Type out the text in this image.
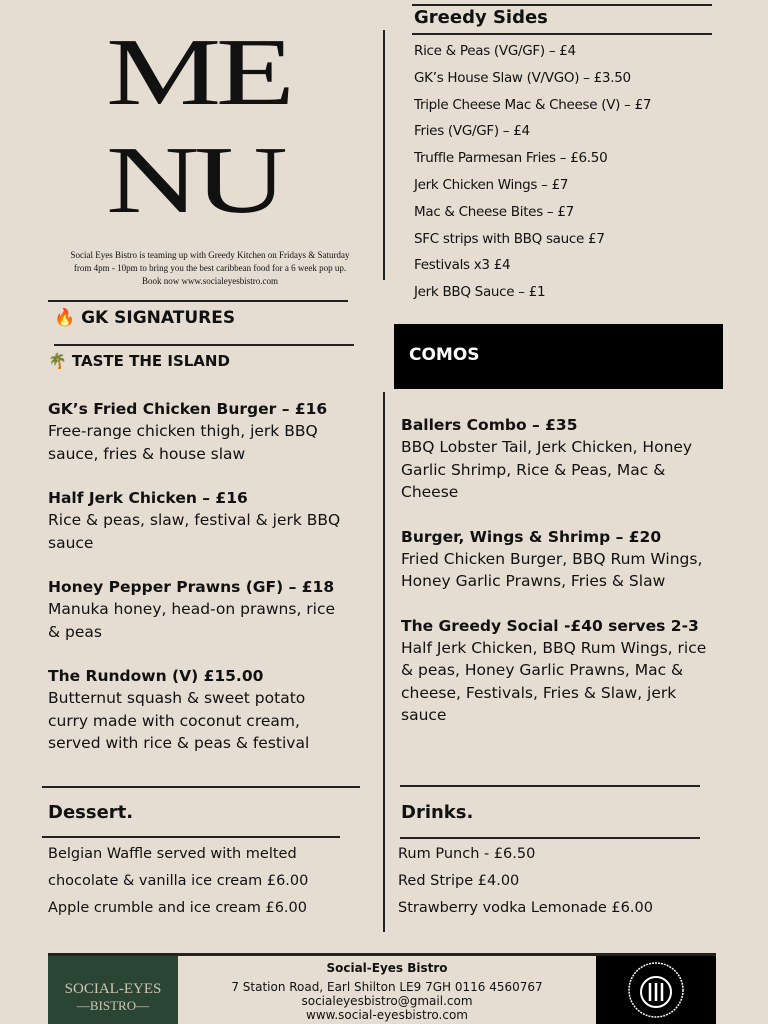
ME
NU
Social Eyes Bistro is teaming up with Greedy Kitchen on Fridays & Saturday
from 4pm - 10pm to bring you the best caribbean food for a 6 week pop up.
Book now www.socialeyesbistro.com
🔥 GK SIGNATURES
🌴 TASTE THE ISLAND
GK’s Fried Chicken Burger – £16
Free-range chicken thigh, jerk BBQ sauce, fries & house slaw
Half Jerk Chicken – £16
Rice & peas, slaw, festival & jerk BBQ sauce
Honey Pepper Prawns (GF) – £18
Manuka honey, head-on prawns, rice & peas
The Rundown (V) £15.00
Butternut squash & sweet potato curry made with coconut cream, served with rice & peas & festival
Dessert.
Belgian Waffle served with melted
chocolate & vanilla ice cream £6.00
Apple crumble and ice cream £6.00
Greedy Sides
Rice & Peas (VG/GF) – £4
GK’s House Slaw (V/VGO) – £3.50
Triple Cheese Mac & Cheese (V) – £7
Fries (VG/GF) – £4
Truffle Parmesan Fries – £6.50
Jerk Chicken Wings – £7
Mac & Cheese Bites – £7
SFC strips with BBQ sauce £7
Festivals x3 £4
Jerk BBQ Sauce – £1
COMOS
Ballers Combo – £35
BBQ Lobster Tail, Jerk Chicken, Honey Garlic Shrimp, Rice & Peas, Mac & Cheese
Burger, Wings & Shrimp – £20
Fried Chicken Burger, BBQ Rum Wings, Honey Garlic Prawns, Fries & Slaw
The Greedy Social -£40 serves 2-3
Half Jerk Chicken, BBQ Rum Wings, rice & peas, Honey Garlic Prawns, Mac & cheese, Festivals, Fries & Slaw, jerk sauce
Drinks.
Rum Punch - £6.50
Red Stripe £4.00
Strawberry vodka Lemonade £6.00
SOCIAL-EYES
—BISTRO—
Social-Eyes Bistro
7 Station Road, Earl Shilton LE9 7GH 0116 4560767
socialeyesbistro@gmail.com
www.social-eyesbistro.com
